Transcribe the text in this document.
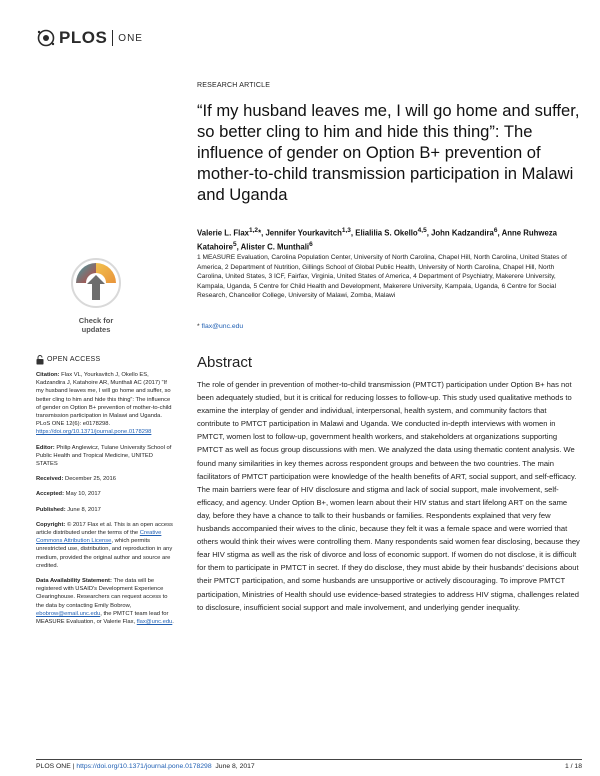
PLOS ONE
RESEARCH ARTICLE
“If my husband leaves me, I will go home and suffer, so better cling to him and hide this thing”: The influence of gender on Option B+ prevention of mother-to-child transmission participation in Malawi and Uganda
Valerie L. Flax$^{1,2}$*, Jennifer Yourkavitch$^{1,3}$, Elialilia S. Okello$^{4,5}$, John Kadzandira$^6$, Anne Ruhweza Katahoire$^5$, Alister C. Munthali$^6$
1 MEASURE Evaluation, Carolina Population Center, University of North Carolina, Chapel Hill, North Carolina, United States of America, 2 Department of Nutrition, Gillings School of Global Public Health, University of North Carolina, Chapel Hill, North Carolina, United States, 3 ICF, Fairfax, Virginia, United States of America, 4 Department of Psychiatry, Makerere University, Kampala, Uganda, 5 Centre for Child Health and Development, Makerere University, Kampala, Uganda, 6 Centre for Social Research, Chancellor College, University of Malawi, Zomba, Malawi
* flax@unc.edu
Check for
updates
OPEN ACCESS
Citation: Flax VL, Yourkavitch J, Okello ES, Kadzandira J, Katahoire AR, Munthali AC (2017) “If my husband leaves me, I will go home and suffer, so better cling to him and hide this thing”: The influence of gender on Option B+ prevention of mother-to-child transmission participation in Malawi and Uganda. PLoS ONE 12(6): e0178298. https://doi.org/10.1371/journal.pone.0178298
Editor: Philip Anglewicz, Tulane University School of Public Health and Tropical Medicine, UNITED STATES
Received: December 25, 2016
Accepted: May 10, 2017
Published: June 8, 2017
Copyright: © 2017 Flax et al. This is an open access article distributed under the terms of the Creative Commons Attribution License, which permits unrestricted use, distribution, and reproduction in any medium, provided the original author and source are credited.
Data Availability Statement: The data will be registered with USAID's Development Experience Clearinghouse. Researchers can request access to the data by contacting Emily Bobrow, ebobrow@email.unc.edu, the PMTCT team lead for MEASURE Evaluation, or Valerie Flax, flax@unc.edu.
Abstract
The role of gender in prevention of mother-to-child transmission (PMTCT) participation under Option B+ has not been adequately studied, but it is critical for reducing losses to follow-up. This study used qualitative methods to examine the interplay of gender and individual, interpersonal, health system, and community factors that contribute to PMTCT participation in Malawi and Uganda. We conducted in-depth interviews with women in PMTCT, women lost to follow-up, government health workers, and stakeholders at organizations supporting PMTCT as well as focus group discussions with men. We analyzed the data using thematic content analysis. We found many similarities in key themes across respondent groups and between the two countries. The main facilitators of PMTCT participation were knowledge of the health benefits of ART, social support, and self-efficacy. The main barriers were fear of HIV disclosure and stigma and lack of social support, male involvement, self-efficacy, and agency. Under Option B+, women learn about their HIV status and start lifelong ART on the same day, before they have a chance to talk to their husbands or families. Respondents explained that very few husbands accompanied their wives to the clinic, because they felt it was a female space and were worried that others would think their wives were controlling them. Many respondents said women fear disclosing, because they fear HIV stigma as well as the risk of divorce and loss of economic support. If women do not disclose, it is difficult for them to participate in PMTCT in secret. If they do disclose, they must abide by their husbands’ decisions about their PMTCT participation, and some husbands are unsupportive or actively discouraging. To improve PMTCT participation, Ministries of Health should use evidence-based strategies to address HIV stigma, challenges related to disclosure, insufficient social support and male involvement, and underlying gender inequality.
PLOS ONE | https://doi.org/10.1371/journal.pone.0178298 June 8, 2017	1 / 18
